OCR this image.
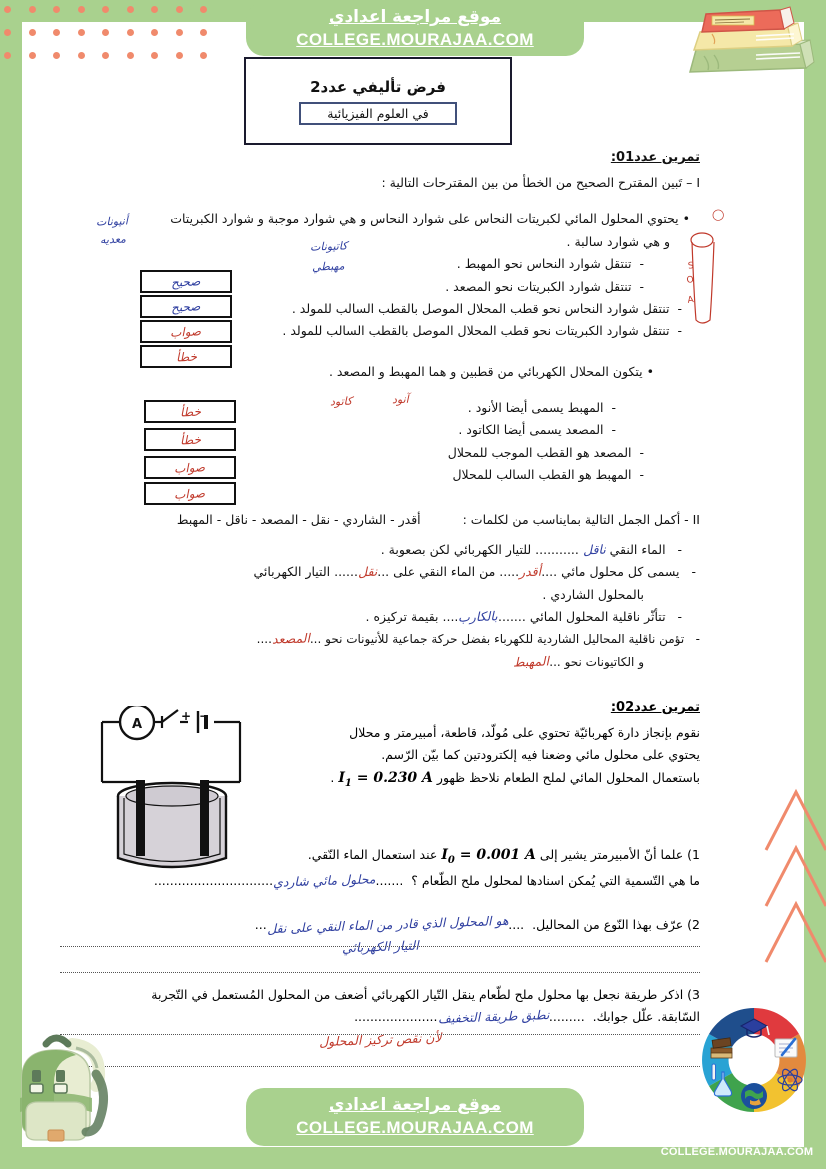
موقع مراجعة اعدادي
COLLEGE.MOURAJAA.COM
فرض تأليفي عدد2
في العلوم الفيزيائية
تمرين عدد01:
I – تَبين المقترح الصحيح من الخطأ من بين المقترحات التالية :
• يحتوي المحلول المائي لكبريتات النحاس على شوارد النحاس و هي شوارد موجبة و شوارد الكبريتات
و هي شوارد سالبة .
-  تنتقل شوارد النحاس نحو المهبط .
-  تنتقل شوارد الكبريتات نحو المصعد .
-  تنتقل شوارد النحاس نحو قطب المحلال الموصل بالقطب السالب للمولد .
-  تنتقل شوارد الكبريتات نحو قطب المحلال الموصل بالقطب السالب للمولد .
• يتكون المحلال الكهربائي من قطبين و هما المهبط و المصعد .
-  المهبط يسمى أيضا الأنود .
-  المصعد يسمى أيضا الكاتود .
-  المصعد هو القطب الموجب للمحلال
-  المهبط هو القطب السالب للمحلال
II - أكمل الجمل التالية بمايناسب من لكلمات :  أقدر - الشاردي - نقل - المصعد - ناقل - المهبط
-   الماء النقي ناقل ........... للتيار الكهربائي لكن بصعوبة .
-   يسمى كل محلول مائي ....أقدر..... من الماء النقي على ...نقل...... التيار الكهربائي
بالمحلول الشاردي .
-   تتأثّر ناقلية المحلول المائي .......بالكارب.... بقيمة تركيزه .
-   تؤمن ناقلية المحاليل الشاردية للكهرباء بفضل حركة جماعية للأنيونات نحو ...المصعد....
و الكاتيونات نحو ...المهبط
صحيح
صحيح
صواب
خطأ
خطأ
خطأ
صواب
صواب
أنيونات
معديه	كاتيونات
مهبطي
كاتود	آنود
S
O
A
◯
تمرين عدد02:
نقوم بإنجاز دارة كهربائيّة تحتوي على مُولّد، قاطعة، أمبيرمتر و محلال
يحتوي على محلول مائي وضعنا فيه إلكترودتين كما بيّن الرّسم.
باستعمال المحلول المائي لملح الطعام نلاحظ ظهور $I_1 = 0.230$ A .
1) علما أنّ الأمبيرمتر يشير إلى $I_0 = 0.001$ A عند استعمال الماء النّقي.
ما هي التّسمية التي يُمكن اسنادها لمحلول ملح الطّعام ؟  .......محلول مائي شاردي..............................
2) عرّف بهذا النّوع من المحاليل.  ....هو المحلول الذي قادر من الماء النقي على نقل...
التيار الكهربائي
3) اذكر طريقة نجعل بها محلول ملح لطّعام ينقل التّيار الكهربائي أضعف من المحلول المُستعمل في التّجربة
السّابقة. علّل جوابك.  .........نطبق طريقة التخفيف.....................
لأن نقص تركيز المحلول
A
+ −
موقع مراجعة اعدادي
COLLEGE.MOURAJAA.COM
COLLEGE.MOURAJAA.COM
